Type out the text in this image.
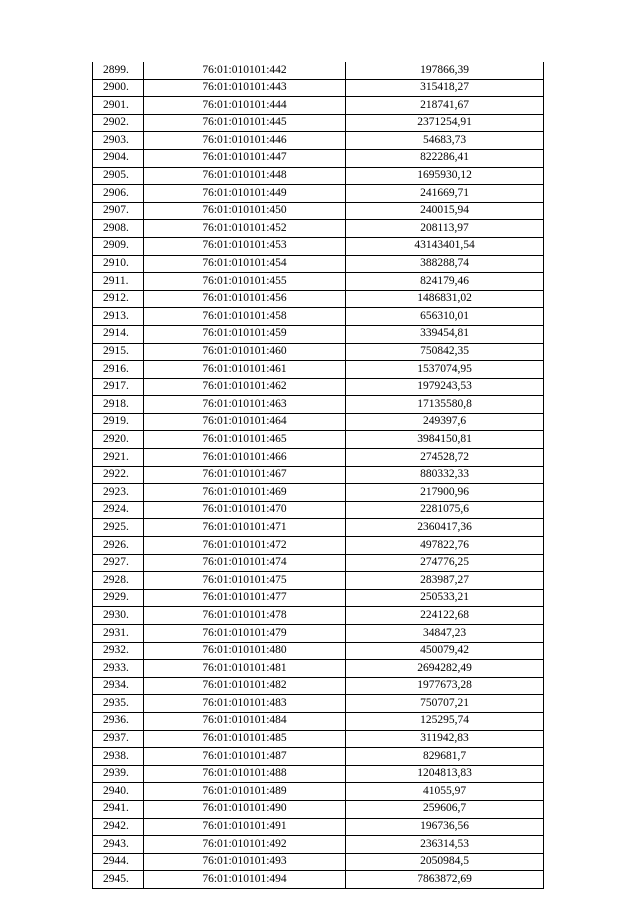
2899.	76:01:010101:442	197866,39
2900.	76:01:010101:443	315418,27
2901.	76:01:010101:444	218741,67
2902.	76:01:010101:445	2371254,91
2903.	76:01:010101:446	54683,73
2904.	76:01:010101:447	822286,41
2905.	76:01:010101:448	1695930,12
2906.	76:01:010101:449	241669,71
2907.	76:01:010101:450	240015,94
2908.	76:01:010101:452	208113,97
2909.	76:01:010101:453	43143401,54
2910.	76:01:010101:454	388288,74
2911.	76:01:010101:455	824179,46
2912.	76:01:010101:456	1486831,02
2913.	76:01:010101:458	656310,01
2914.	76:01:010101:459	339454,81
2915.	76:01:010101:460	750842,35
2916.	76:01:010101:461	1537074,95
2917.	76:01:010101:462	1979243,53
2918.	76:01:010101:463	17135580,8
2919.	76:01:010101:464	249397,6
2920.	76:01:010101:465	3984150,81
2921.	76:01:010101:466	274528,72
2922.	76:01:010101:467	880332,33
2923.	76:01:010101:469	217900,96
2924.	76:01:010101:470	2281075,6
2925.	76:01:010101:471	2360417,36
2926.	76:01:010101:472	497822,76
2927.	76:01:010101:474	274776,25
2928.	76:01:010101:475	283987,27
2929.	76:01:010101:477	250533,21
2930.	76:01:010101:478	224122,68
2931.	76:01:010101:479	34847,23
2932.	76:01:010101:480	450079,42
2933.	76:01:010101:481	2694282,49
2934.	76:01:010101:482	1977673,28
2935.	76:01:010101:483	750707,21
2936.	76:01:010101:484	125295,74
2937.	76:01:010101:485	311942,83
2938.	76:01:010101:487	829681,7
2939.	76:01:010101:488	1204813,83
2940.	76:01:010101:489	41055,97
2941.	76:01:010101:490	259606,7
2942.	76:01:010101:491	196736,56
2943.	76:01:010101:492	236314,53
2944.	76:01:010101:493	2050984,5
2945.	76:01:010101:494	7863872,69
